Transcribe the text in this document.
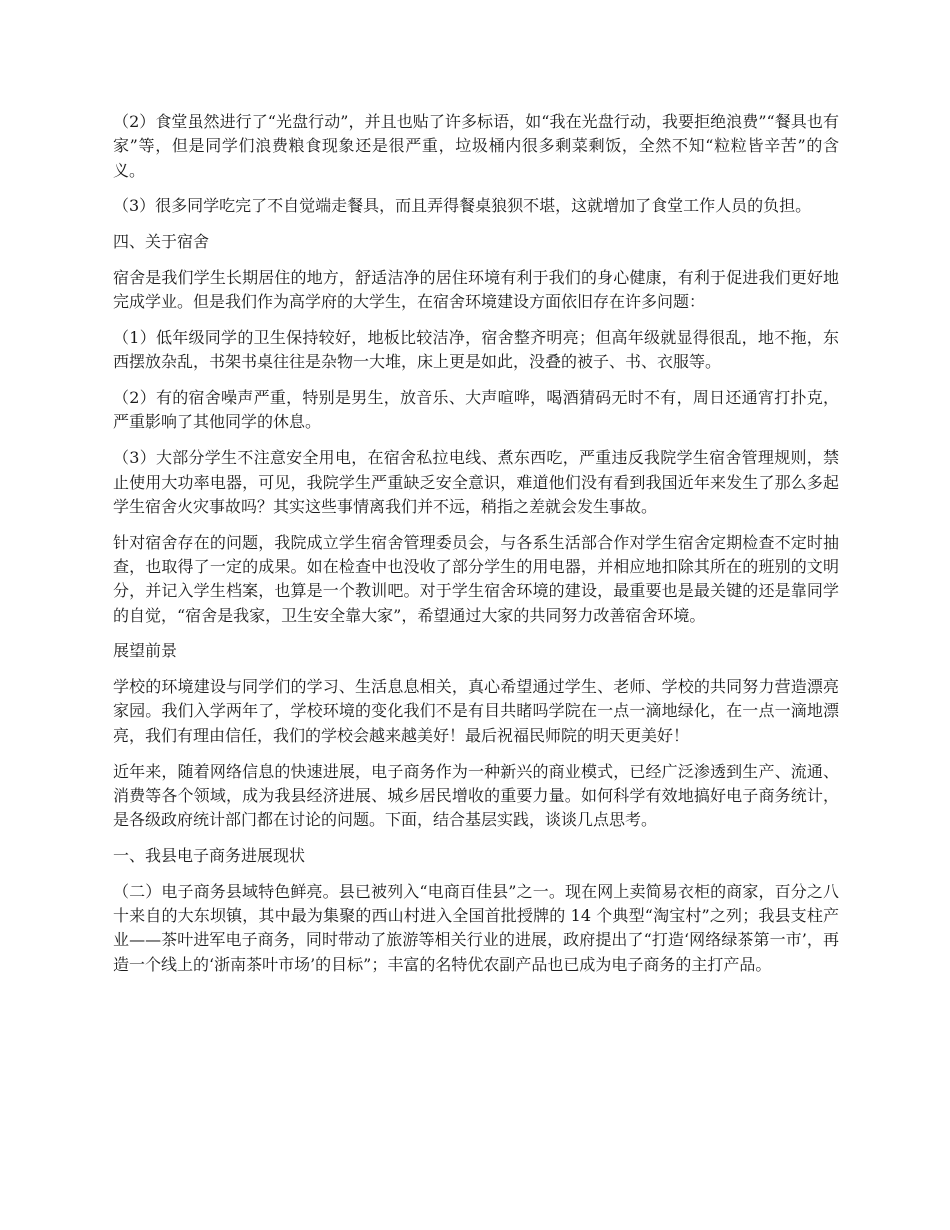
（2）食堂虽然进行了“光盘行动”，并且也贴了许多标语，如“我在光盘行动，我要拒绝浪费”“餐具也有家”等，但是同学们浪费粮食现象还是很严重，垃圾桶内很多剩菜剩饭，全然不知“粒粒皆辛苦”的含义。

（3）很多同学吃完了不自觉端走餐具，而且弄得餐桌狼狈不堪，这就增加了食堂工作人员的负担。

四、关于宿舍

宿舍是我们学生长期居住的地方，舒适洁净的居住环境有利于我们的身心健康，有利于促进我们更好地完成学业。但是我们作为高学府的大学生，在宿舍环境建设方面依旧存在许多问题：

（1）低年级同学的卫生保持较好，地板比较洁净，宿舍整齐明亮；但高年级就显得很乱，地不拖，东西摆放杂乱，书架书桌往往是杂物一大堆，床上更是如此，没叠的被子、书、衣服等。

（2）有的宿舍噪声严重，特别是男生，放音乐、大声喧哗，喝酒猜码无时不有，周日还通宵打扑克，严重影响了其他同学的休息。

（3）大部分学生不注意安全用电，在宿舍私拉电线、煮东西吃，严重违反我院学生宿舍管理规则，禁止使用大功率电器，可见，我院学生严重缺乏安全意识，难道他们没有看到我国近年来发生了那么多起学生宿舍火灾事故吗？其实这些事情离我们并不远，稍指之差就会发生事故。

针对宿舍存在的问题，我院成立学生宿舍管理委员会，与各系生活部合作对学生宿舍定期检查不定时抽查，也取得了一定的成果。如在检查中也没收了部分学生的用电器，并相应地扣除其所在的班别的文明分，并记入学生档案，也算是一个教训吧。对于学生宿舍环境的建设，最重要也是最关键的还是靠同学的自觉，“宿舍是我家，卫生安全靠大家”，希望通过大家的共同努力改善宿舍环境。

展望前景

学校的环境建设与同学们的学习、生活息息相关，真心希望通过学生、老师、学校的共同努力营造漂亮家园。我们入学两年了，学校环境的变化我们不是有目共睹吗学院在一点一滴地绿化，在一点一滴地漂亮，我们有理由信任，我们的学校会越来越美好！最后祝福民师院的明天更美好！

近年来，随着网络信息的快速进展，电子商务作为一种新兴的商业模式，已经广泛渗透到生产、流通、消费等各个领域，成为我县经济进展、城乡居民增收的重要力量。如何科学有效地搞好电子商务统计，是各级政府统计部门都在讨论的问题。下面，结合基层实践，谈谈几点思考。

一、我县电子商务进展现状

（二）电子商务县域特色鲜亮。县已被列入“电商百佳县”之一。现在网上卖简易衣柜的商家，百分之八十来自的大东坝镇，其中最为集聚的西山村进入全国首批授牌的 14 个典型“淘宝村”之列；我县支柱产业——茶叶进军电子商务，同时带动了旅游等相关行业的进展，政府提出了“打造‘网络绿茶第一市’，再造一个线上的‘浙南茶叶市场’的目标”；丰富的名特优农副产品也已成为电子商务的主打产品。
